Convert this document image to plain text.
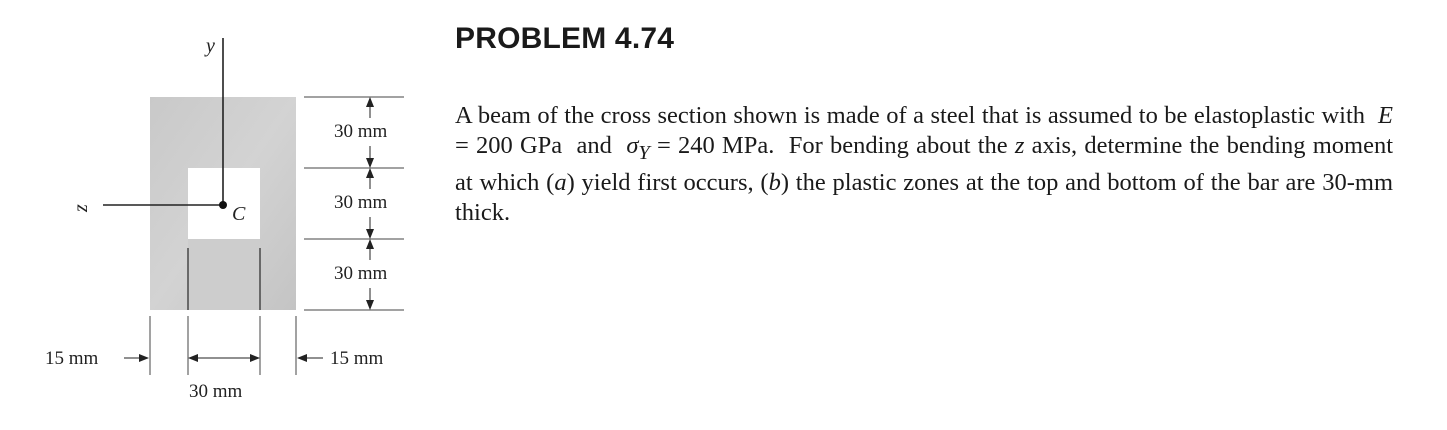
y
z	C
30 mm
30 mm
30 mm
15 mm
30 mm
15 mm
PROBLEM 4.74

A beam of the cross section shown is made of a steel that is assumed to be elastoplastic with E = 200 GPa and $\sigma_Y = 240$ MPa. For bending about the z axis, determine the bending moment at which (a) yield first occurs, (b) the plastic zones at the top and bottom of the bar are 30-mm thick.
